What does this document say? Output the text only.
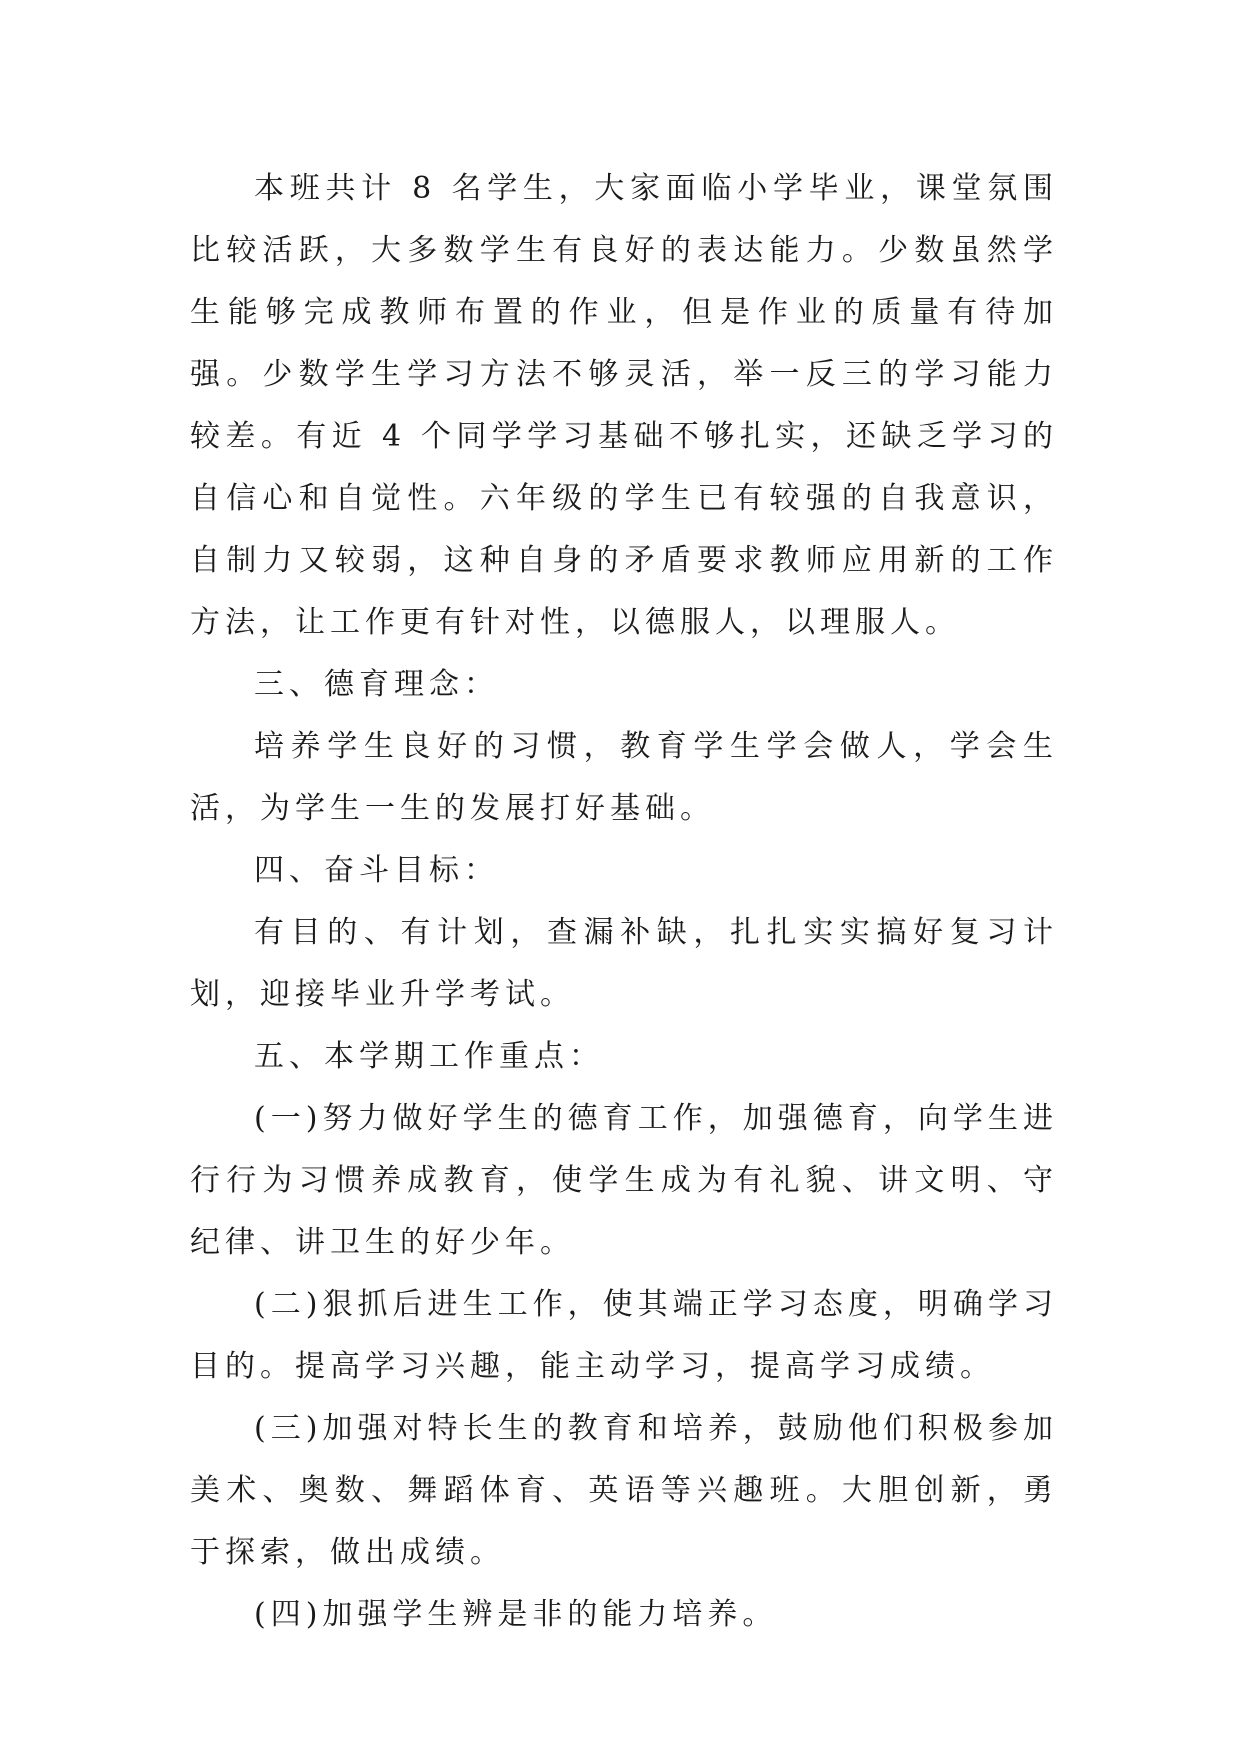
本班共计 8 名学生，大家面临小学毕业，课堂氛围比较活跃，大多数学生有良好的表达能力。少数虽然学生能够完成教师布置的作业，但是作业的质量有待加强。少数学生学习方法不够灵活，举一反三的学习能力较差。有近 4 个同学学习基础不够扎实，还缺乏学习的自信心和自觉性。六年级的学生已有较强的自我意识，自制力又较弱，这种自身的矛盾要求教师应用新的工作方法，让工作更有针对性，以德服人，以理服人。

三、德育理念：

培养学生良好的习惯，教育学生学会做人，学会生活，为学生一生的发展打好基础。

四、奋斗目标：

有目的、有计划，查漏补缺，扎扎实实搞好复习计划，迎接毕业升学考试。

五、本学期工作重点：

(一)努力做好学生的德育工作，加强德育，向学生进行行为习惯养成教育，使学生成为有礼貌、讲文明、守纪律、讲卫生的好少年。

(二)狠抓后进生工作，使其端正学习态度，明确学习目的。提高学习兴趣，能主动学习，提高学习成绩。

(三)加强对特长生的教育和培养，鼓励他们积极参加美术、奥数、舞蹈体育、英语等兴趣班。大胆创新，勇于探索，做出成绩。

(四)加强学生辨是非的能力培养。
